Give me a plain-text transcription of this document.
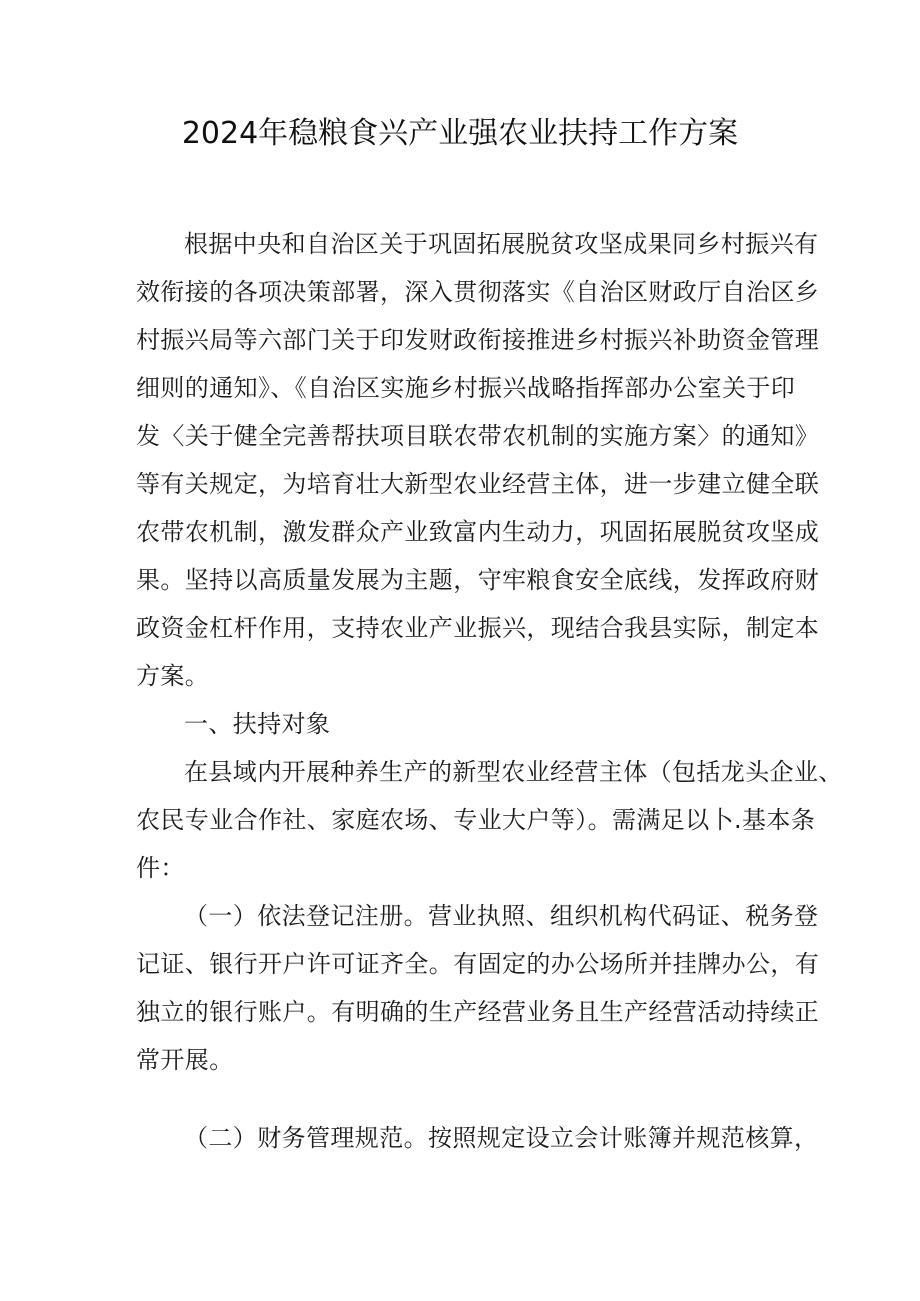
2024年稳粮食兴产业强农业扶持工作方案
根据中央和自治区关于巩固拓展脱贫攻坚成果同乡村振兴有
效衔接的各项决策部署，深入贯彻落实《自治区财政厅自治区乡
村振兴局等六部门关于印发财政衔接推进乡村振兴补助资金管理
细则的通知》、《自治区实施乡村振兴战略指挥部办公室关于印
发〈关于健全完善帮扶项目联农带农机制的实施方案〉的通知》
等有关规定，为培育壮大新型农业经营主体，进一步建立健全联
农带农机制，激发群众产业致富内生动力，巩固拓展脱贫攻坚成
果。坚持以高质量发展为主题，守牢粮食安全底线，发挥政府财
政资金杠杆作用，支持农业产业振兴，现结合我县实际，制定本
方案。
一、扶持对象
在县域内开展种养生产的新型农业经营主体（包括龙头企业、
农民专业合作社、家庭农场、专业大户等）。需满足以卜.基本条
件：
（一）依法登记注册。营业执照、组织机构代码证、税务登
记证、银行开户许可证齐全。有固定的办公场所并挂牌办公，有
独立的银行账户。有明确的生产经营业务且生产经营活动持续正
常开展。
（二）财务管理规范。按照规定设立会计账簿并规范核算，
